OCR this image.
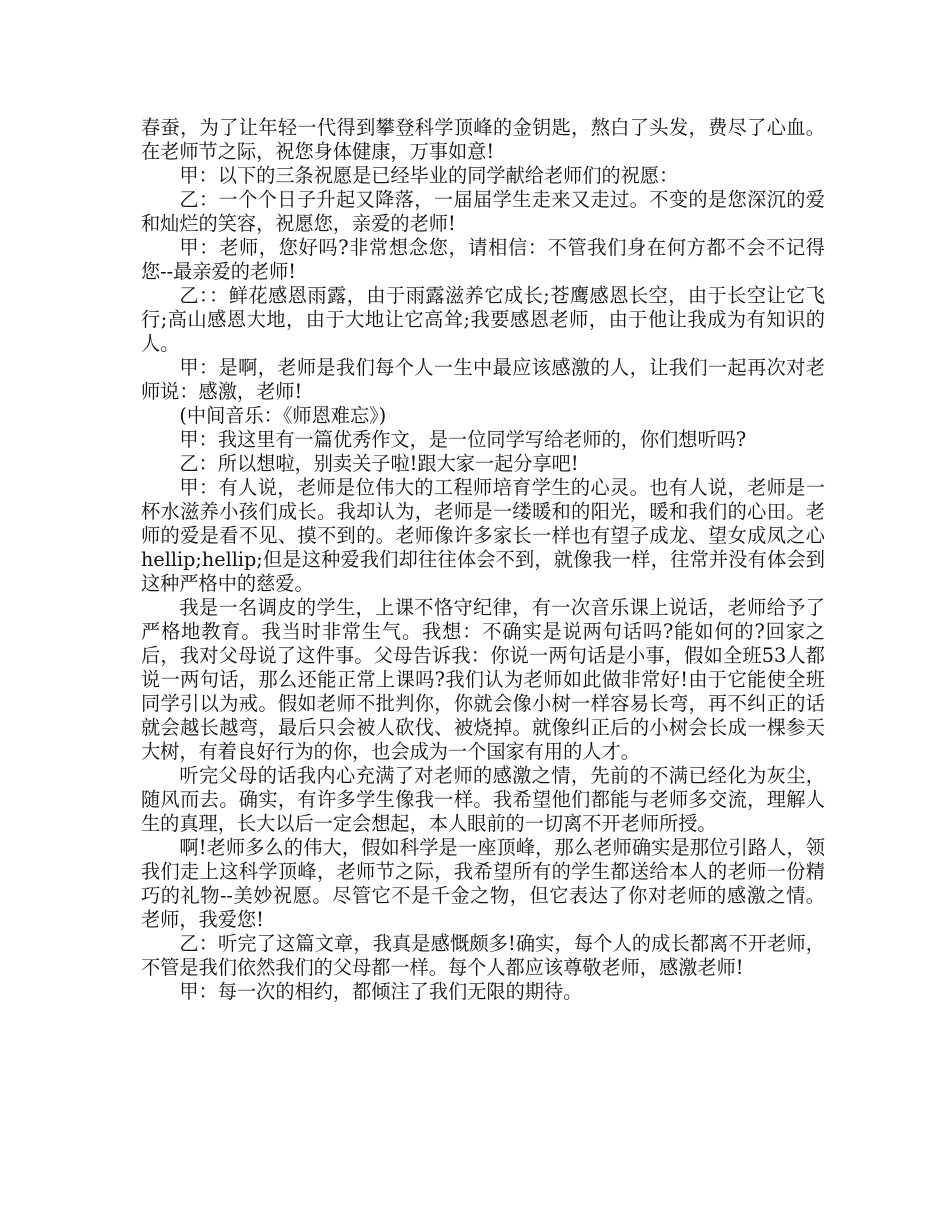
春蚕，为了让年轻一代得到攀登科学顶峰的金钥匙，熬白了头发，费尽了心血。在老师节之际，祝您身体健康，万事如意!

甲：以下的三条祝愿是已经毕业的同学献给老师们的祝愿：

乙：一个个日子升起又降落，一届届学生走来又走过。不变的是您深沉的爱和灿烂的笑容，祝愿您，亲爱的老师!

甲：老师，您好吗?非常想念您，请相信：不管我们身在何方都不会不记得您--最亲爱的老师!

乙：：鲜花感恩雨露，由于雨露滋养它成长;苍鹰感恩长空，由于长空让它飞行;高山感恩大地，由于大地让它高耸;我要感恩老师，由于他让我成为有知识的人。

甲：是啊，老师是我们每个人一生中最应该感激的人，让我们一起再次对老师说：感激，老师!

(中间音乐：《师恩难忘》)

甲：我这里有一篇优秀作文，是一位同学写给老师的，你们想听吗?

乙：所以想啦，别卖关子啦!跟大家一起分享吧!

甲：有人说，老师是位伟大的工程师培育学生的心灵。也有人说，老师是一杯水滋养小孩们成长。我却认为，老师是一缕暖和的阳光，暖和我们的心田。老师的爱是看不见、摸不到的。老师像许多家长一样也有望子成龙、望女成凤之心 hellip;hellip;但是这种爱我们却往往体会不到，就像我一样，往常并没有体会到这种严格中的慈爱。

我是一名调皮的学生，上课不恪守纪律，有一次音乐课上说话，老师给予了严格地教育。我当时非常生气。我想：不确实是说两句话吗?能如何的?回家之后，我对父母说了这件事。父母告诉我：你说一两句话是小事，假如全班53人都说一两句话，那么还能正常上课吗?我们认为老师如此做非常好!由于它能使全班同学引以为戒。假如老师不批判你，你就会像小树一样容易长弯，再不纠正的话就会越长越弯，最后只会被人砍伐、被烧掉。就像纠正后的小树会长成一棵参天大树，有着良好行为的你，也会成为一个国家有用的人才。

听完父母的话我内心充满了对老师的感激之情，先前的不满已经化为灰尘，随风而去。确实，有许多学生像我一样。我希望他们都能与老师多交流，理解人生的真理，长大以后一定会想起，本人眼前的一切离不开老师所授。

啊!老师多么的伟大，假如科学是一座顶峰，那么老师确实是那位引路人，领我们走上这科学顶峰，老师节之际，我希望所有的学生都送给本人的老师一份精巧的礼物--美妙祝愿。尽管它不是千金之物，但它表达了你对老师的感激之情。老师，我爱您!

乙：听完了这篇文章，我真是感慨颇多!确实，每个人的成长都离不开老师，不管是我们依然我们的父母都一样。每个人都应该尊敬老师，感激老师!

甲：每一次的相约，都倾注了我们无限的期待。
